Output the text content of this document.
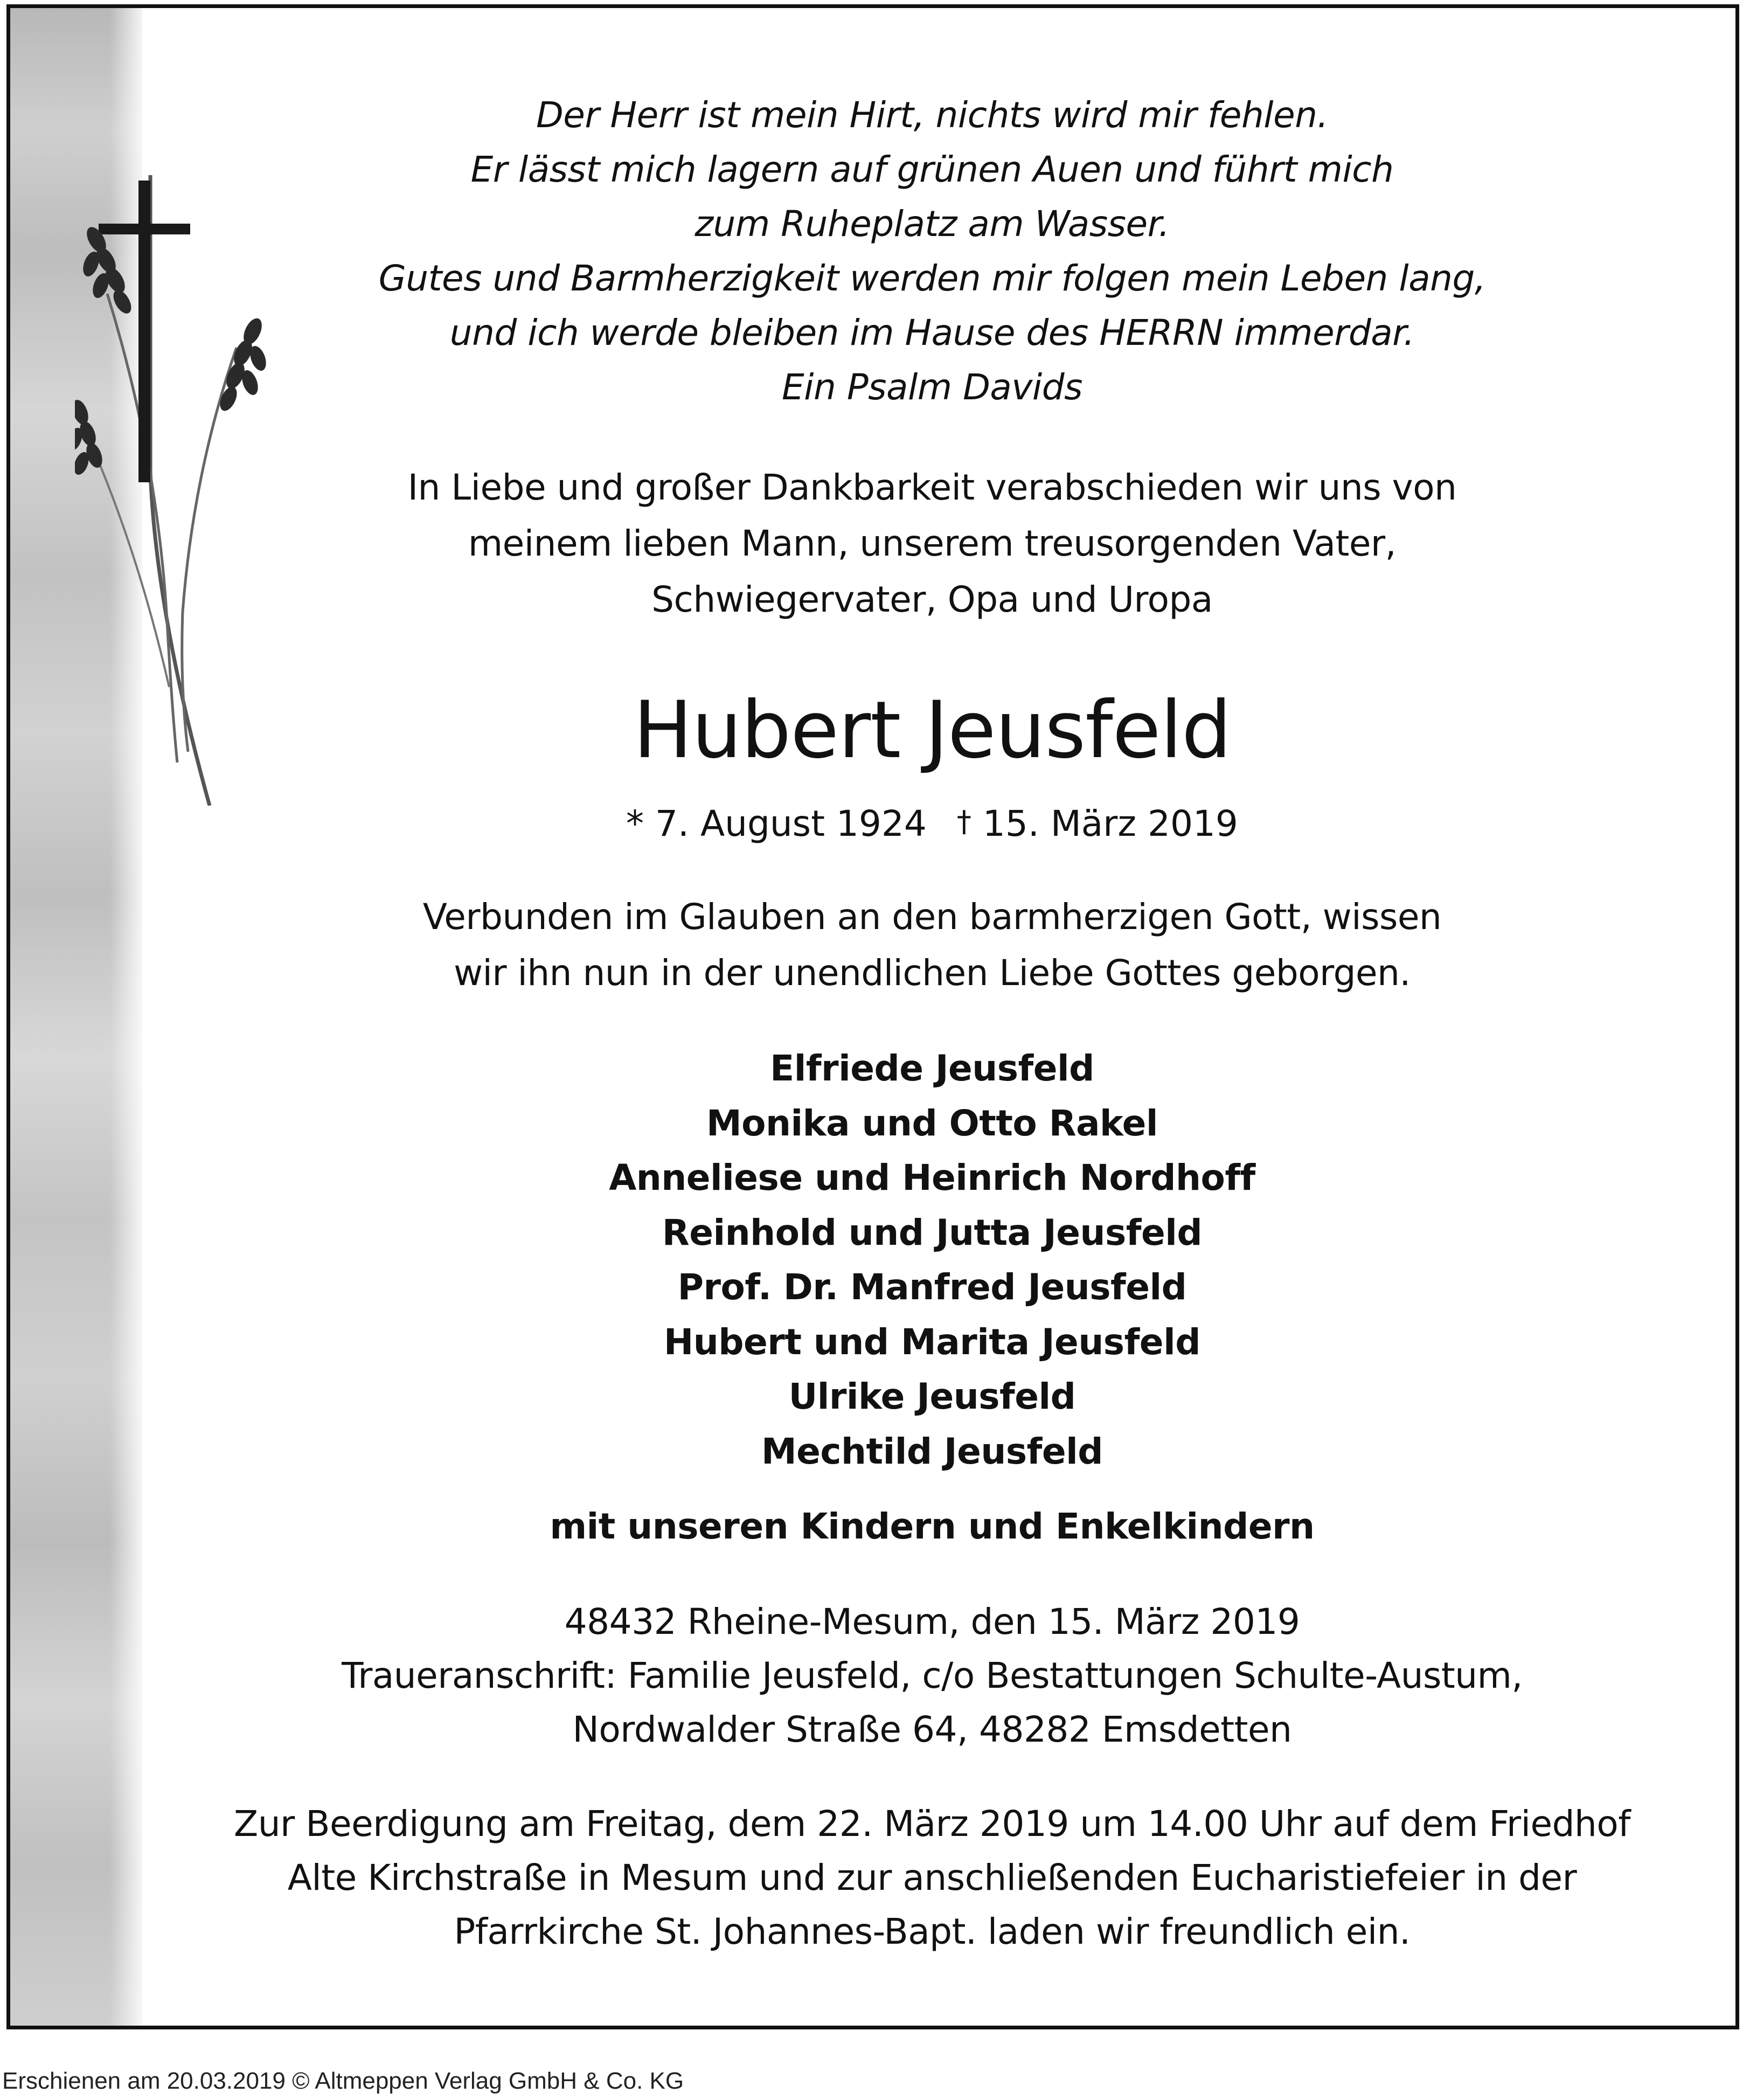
Der Herr ist mein Hirt, nichts wird mir fehlen.
Er lässt mich lagern auf grünen Auen und führt mich
zum Ruheplatz am Wasser.
Gutes und Barmherzigkeit werden mir folgen mein Leben lang,
und ich werde bleiben im Hause des HERRN immerdar.
Ein Psalm Davids
In Liebe und großer Dankbarkeit verabschieden wir uns von
meinem lieben Mann, unserem treusorgenden Vater,
Schwiegervater, Opa und Uropa
Hubert Jeusfeld
* 7. August 1924 † 15. März 2019
Verbunden im Glauben an den barmherzigen Gott, wissen
wir ihn nun in der unendlichen Liebe Gottes geborgen.
Elfriede Jeusfeld
Monika und Otto Rakel
Anneliese und Heinrich Nordhoff
Reinhold und Jutta Jeusfeld
Prof. Dr. Manfred Jeusfeld
Hubert und Marita Jeusfeld
Ulrike Jeusfeld
Mechtild Jeusfeld
mit unseren Kindern und Enkelkindern
48432 Rheine-Mesum, den 15. März 2019
Traueranschrift: Familie Jeusfeld, c/o Bestattungen Schulte-Austum,
Nordwalder Straße 64, 48282 Emsdetten
Zur Beerdigung am Freitag, dem 22. März 2019 um 14.00 Uhr auf dem Friedhof
Alte Kirchstraße in Mesum und zur anschließenden Eucharistiefeier in der
Pfarrkirche St. Johannes-Bapt. laden wir freundlich ein.
Erschienen am 20.03.2019 © Altmeppen Verlag GmbH & Co. KG
